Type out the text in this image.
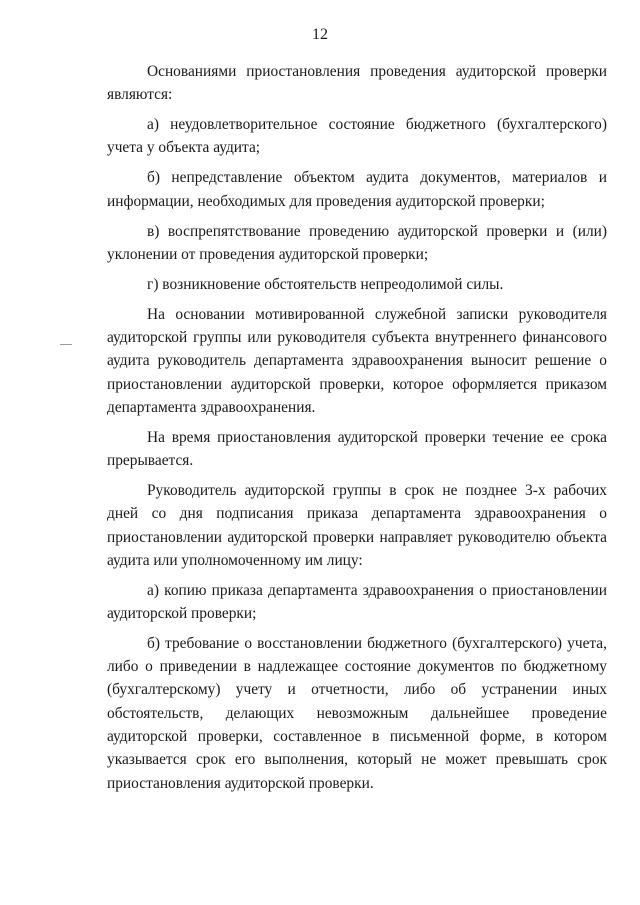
12

Основаниями приостановления проведения аудиторской проверки являются:

а) неудовлетворительное состояние бюджетного (бухгалтерского) учета у объекта аудита;

б) непредставление объектом аудита документов, материалов и информации, необходимых для проведения аудиторской проверки;

в) воспрепятствование проведению аудиторской проверки и (или) уклонении от проведения аудиторской проверки;

г) возникновение обстоятельств непреодолимой силы.

На основании мотивированной служебной записки руководителя аудиторской группы или руководителя субъекта внутреннего финансового аудита руководитель департамента здравоохранения выносит решение о приостановлении аудиторской проверки, которое оформляется приказом департамента здравоохранения.

На время приостановления аудиторской проверки течение ее срока прерывается.

Руководитель аудиторской группы в срок не позднее 3-х рабочих дней со дня подписания приказа департамента здравоохранения о приостановлении аудиторской проверки направляет руководителю объекта аудита или уполномоченному им лицу:

а) копию приказа департамента здравоохранения о приостановлении аудиторской проверки;

б) требование о восстановлении бюджетного (бухгалтерского) учета, либо о приведении в надлежащее состояние документов по бюджетному (бухгалтерскому) учету и отчетности, либо об устранении иных обстоятельств, делающих невозможным дальнейшее проведение аудиторской проверки, составленное в письменной форме, в котором указывается срок его выполнения, который не может превышать срок приостановления аудиторской проверки.
